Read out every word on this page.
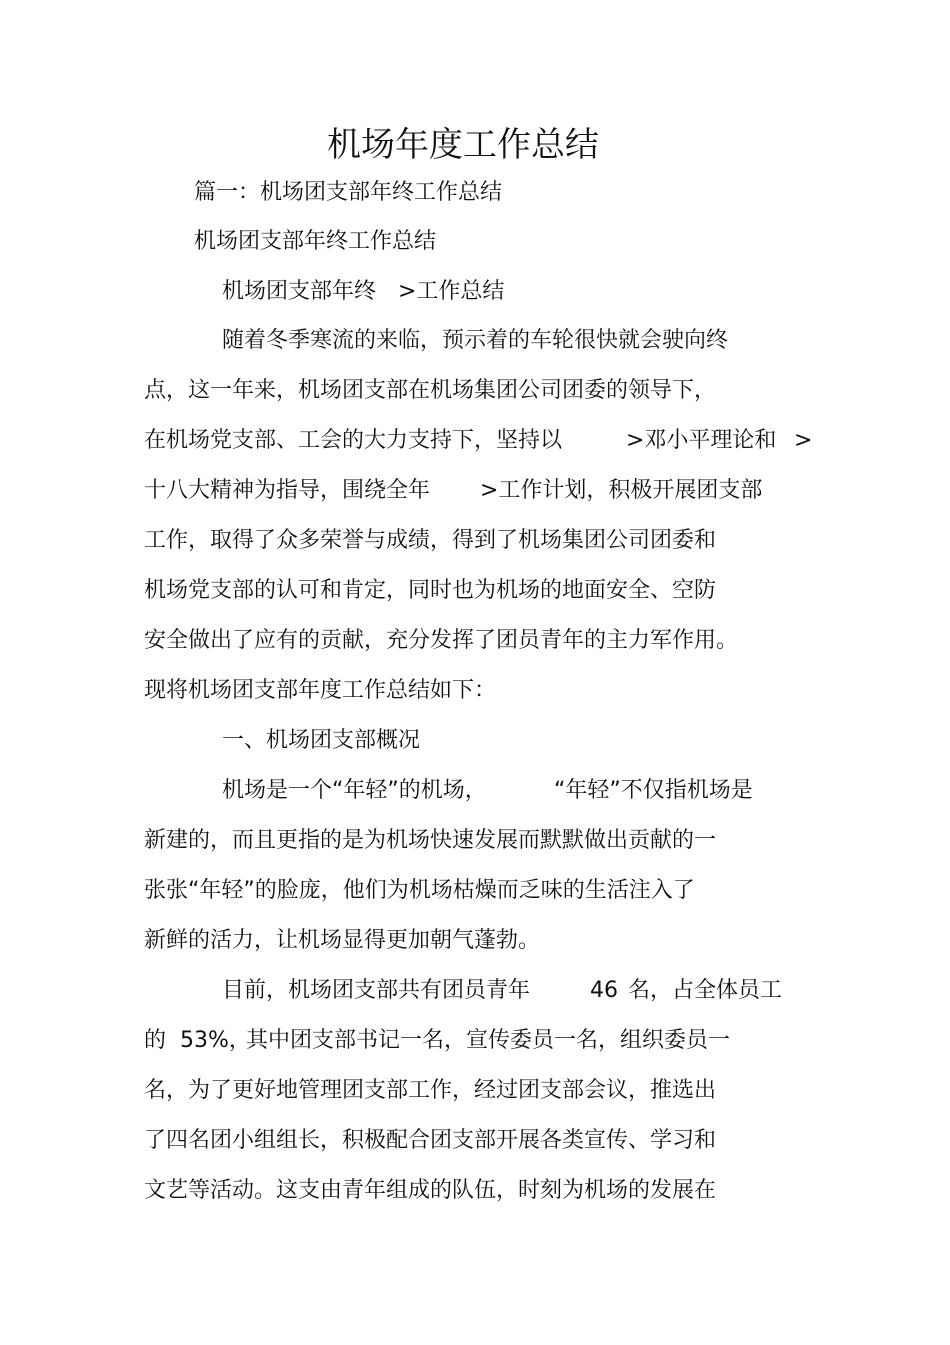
机场年度工作总结
篇一：机场团支部年终工作总结
机场团支部年终工作总结
机场团支部年终 >工作总结
随着冬季寒流的来临，预示着的车轮很快就会驶向终
点，这一年来，机场团支部在机场集团公司团委的领导下，
在机场党支部、工会的大力支持下，坚持以	>邓小平理论和 >
十八大精神为指导，围绕全年 >工作计划，积极开展团支部
工作，取得了众多荣誉与成绩，得到了机场集团公司团委和
机场党支部的认可和肯定，同时也为机场的地面安全、空防
安全做出了应有的贡献，充分发挥了团员青年的主力军作用。
现将机场团支部年度工作总结如下：
一、机场团支部概况
机场是一个“年轻”的机场，	“年轻”不仅指机场是
新建的，而且更指的是为机场快速发展而默默做出贡献的一
张张“年轻”的脸庞，他们为机场枯燥而乏味的生活注入了
新鲜的活力，让机场显得更加朝气蓬勃。
目前，机场团支部共有团员青年	46 名，占全体员工
的 53%，
其中团支部书记一名，宣传委员一名，组织委员一
名，为了更好地管理团支部工作，经过团支部会议，推选出
了四名团小组组长，积极配合团支部开展各类宣传、学习和
文艺等活动。这支由青年组成的队伍，时刻为机场的发展在
